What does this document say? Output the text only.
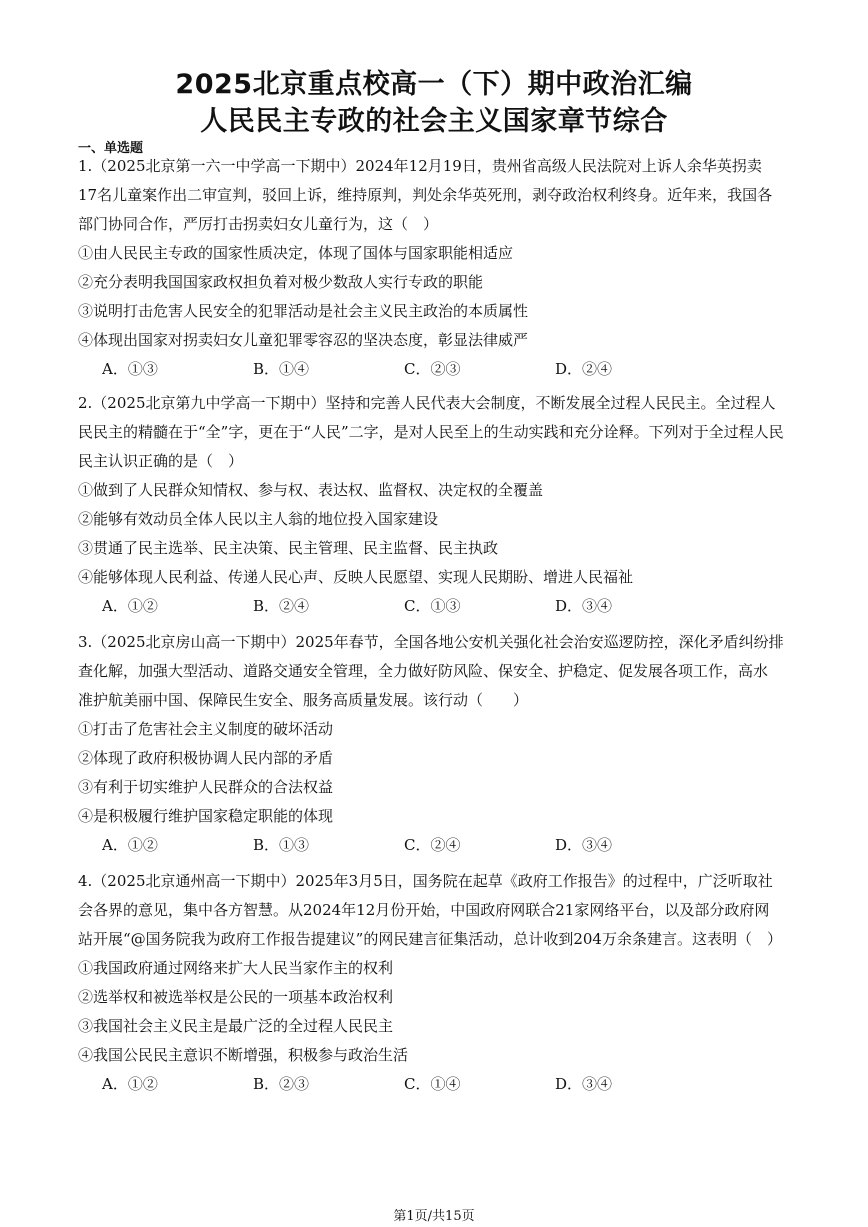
2025北京重点校高一（下）期中政治汇编
人民民主专政的社会主义国家章节综合
一、单选题
1.（2025北京第一六一中学高一下期中）2024年12月19日，贵州省高级人民法院对上诉人余华英拐卖
17名儿童案作出二审宣判，驳回上诉，维持原判，判处余华英死刑，剥夺政治权利终身。近年来，我国各
部门协同合作，严厉打击拐卖妇女儿童行为，这（　）
①由人民民主专政的国家性质决定，体现了国体与国家职能相适应
②充分表明我国国家政权担负着对极少数敌人实行专政的职能
③说明打击危害人民安全的犯罪活动是社会主义民主政治的本质属性
④体现出国家对拐卖妇女儿童犯罪零容忍的坚决态度，彰显法律威严
A．①③	B．①④	C．②③	D．②④
2.（2025北京第九中学高一下期中）坚持和完善人民代表大会制度，不断发展全过程人民民主。全过程人
民民主的精髓在于“全”字，更在于“人民”二字，是对人民至上的生动实践和充分诠释。下列对于全过程人民
民主认识正确的是（　）
①做到了人民群众知情权、参与权、表达权、监督权、决定权的全覆盖
②能够有效动员全体人民以主人翁的地位投入国家建设
③贯通了民主选举、民主决策、民主管理、民主监督、民主执政
④能够体现人民利益、传递人民心声、反映人民愿望、实现人民期盼、增进人民福祉
A．①②	B．②④	C．①③	D．③④
3.（2025北京房山高一下期中）2025年春节，全国各地公安机关强化社会治安巡逻防控，深化矛盾纠纷排
查化解，加强大型活动、道路交通安全管理，全力做好防风险、保安全、护稳定、促发展各项工作，高水
准护航美丽中国、保障民生安全、服务高质量发展。该行动（　　）
①打击了危害社会主义制度的破坏活动
②体现了政府积极协调人民内部的矛盾
③有利于切实维护人民群众的合法权益
④是积极履行维护国家稳定职能的体现
A．①②	B．①③	C．②④	D．③④
4.（2025北京通州高一下期中）2025年3月5日，国务院在起草《政府工作报告》的过程中，广泛听取社
会各界的意见，集中各方智慧。从2024年12月份开始，中国政府网联合21家网络平台，以及部分政府网
站开展“@国务院我为政府工作报告提建议”的网民建言征集活动，总计收到204万余条建言。这表明（　）
①我国政府通过网络来扩大人民当家作主的权利
②选举权和被选举权是公民的一项基本政治权利
③我国社会主义民主是最广泛的全过程人民民主
④我国公民民主意识不断增强，积极参与政治生活
A．①②	B．②③	C．①④	D．③④
第1页/共15页
